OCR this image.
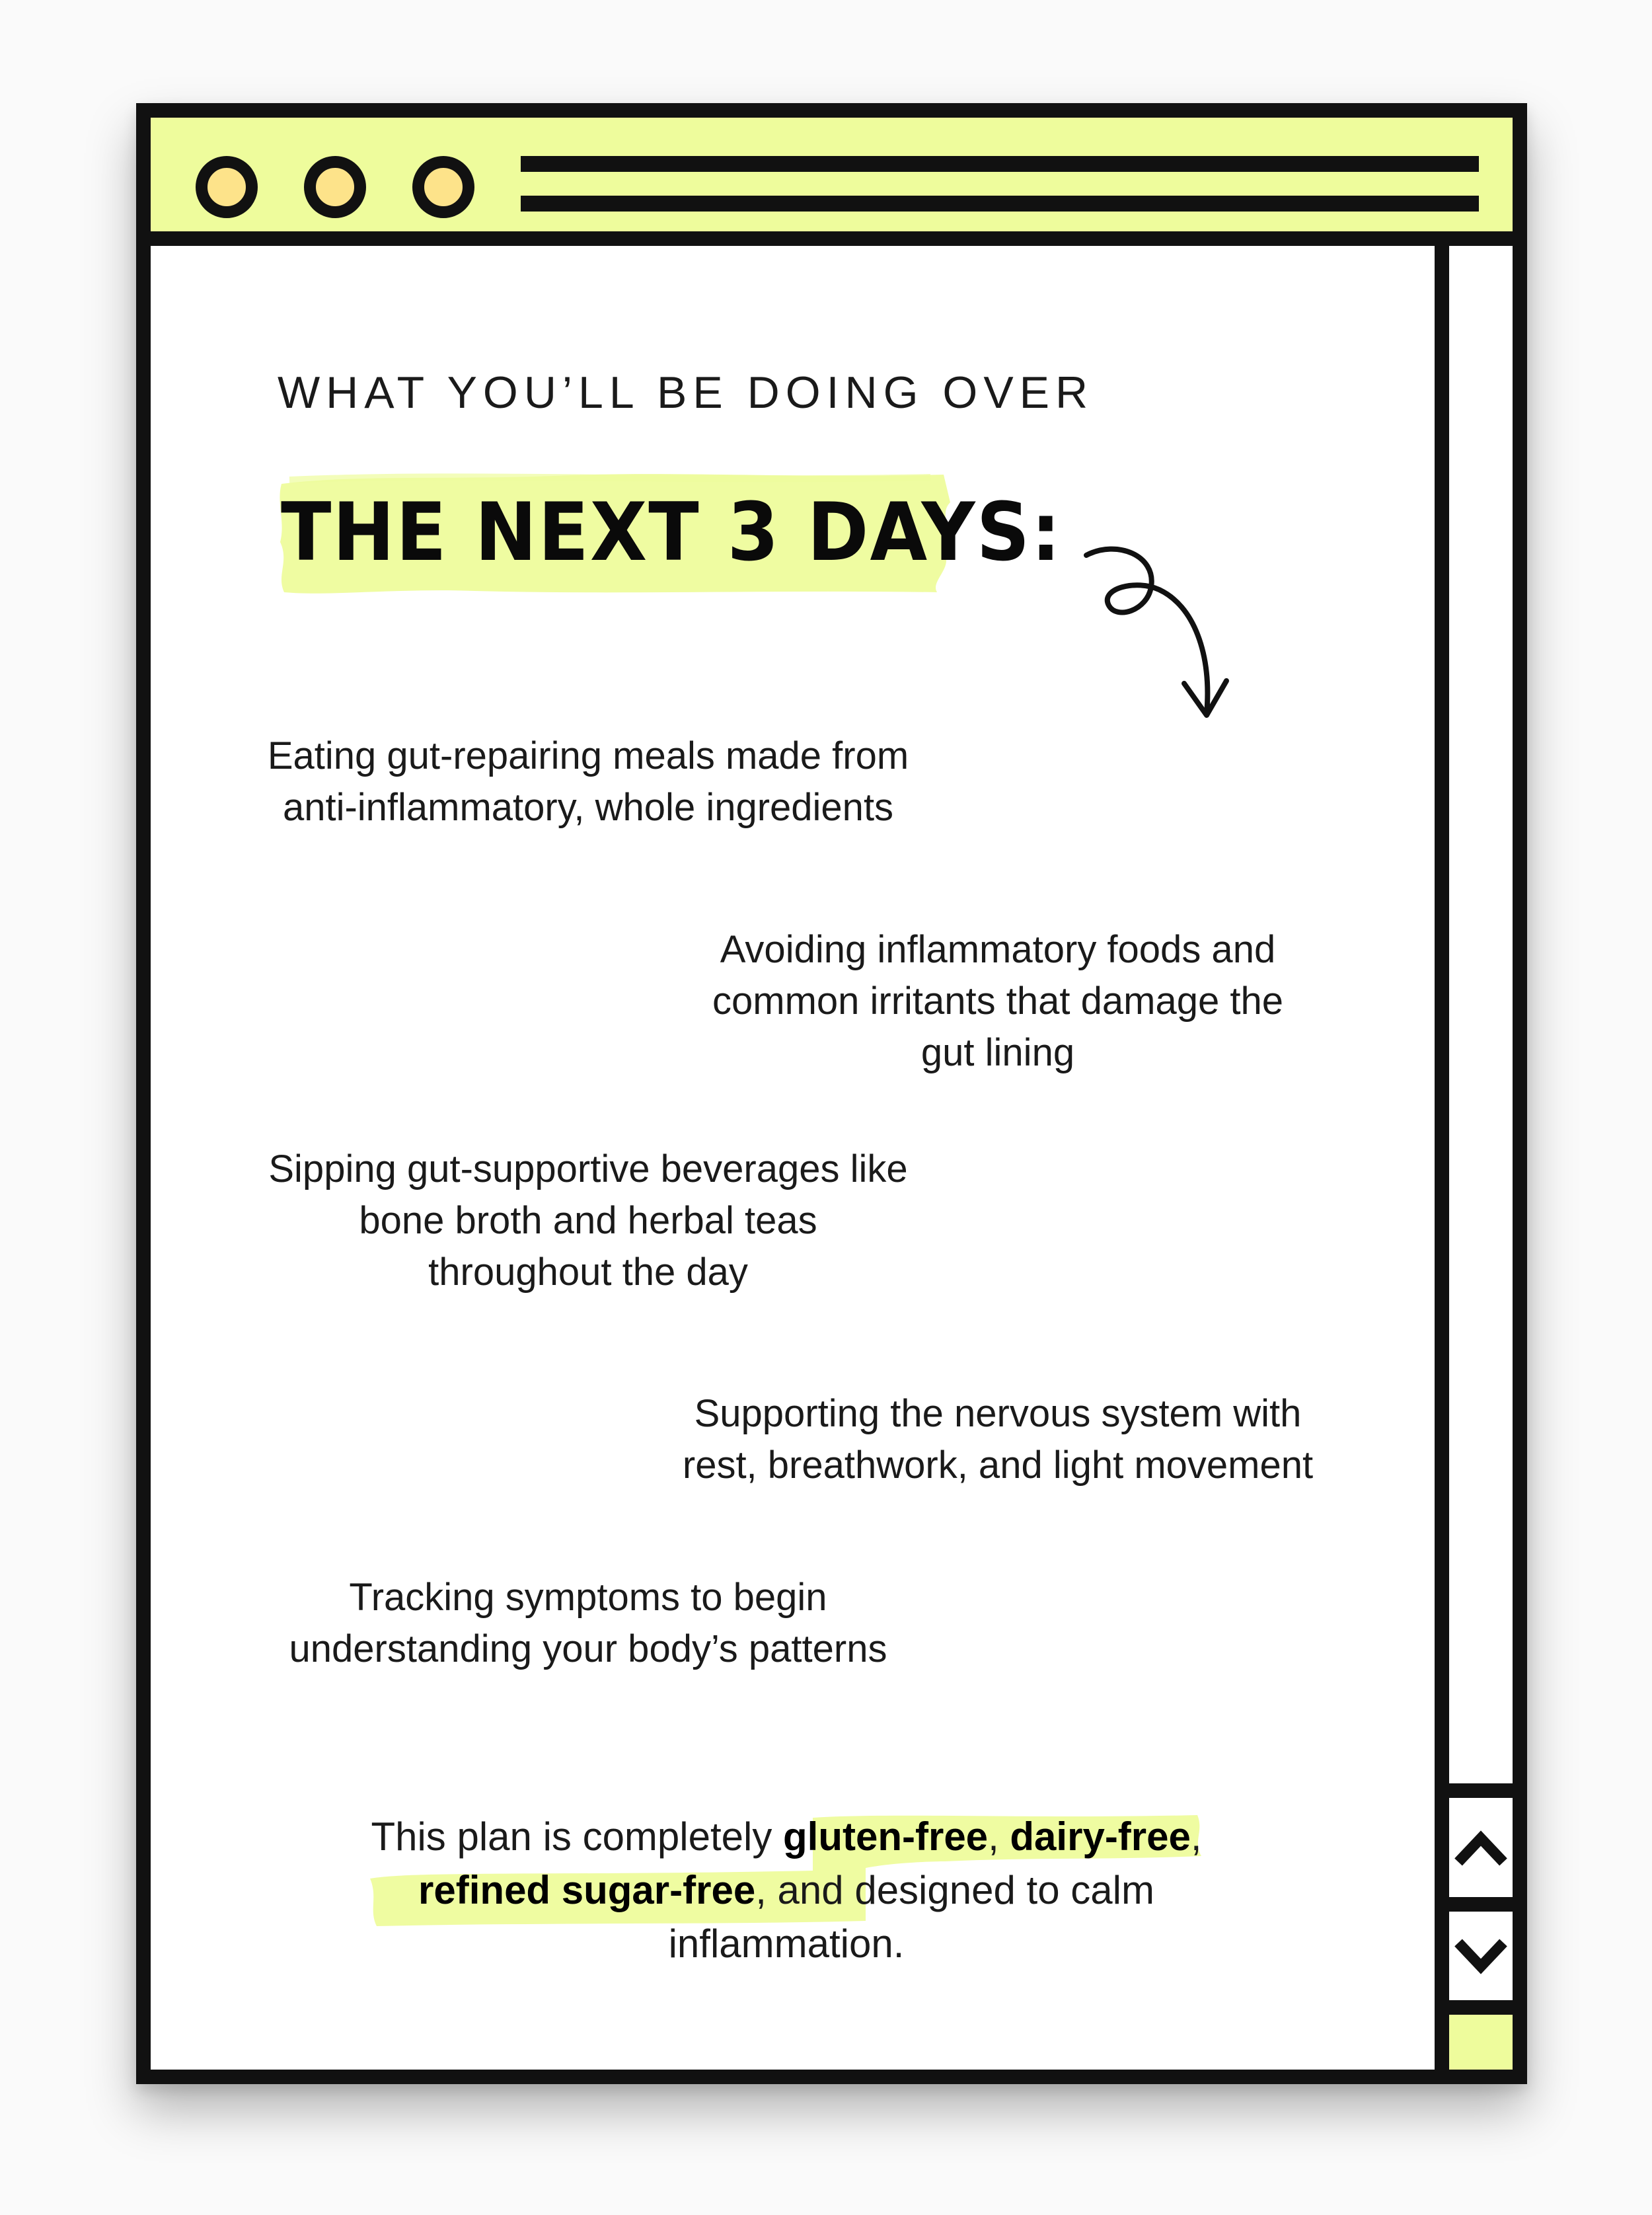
WHAT YOU’LL BE DOING OVER
THE NEXT 3 DAYS:
Eating gut-repairing meals made from anti-inflammatory, whole ingredients
Avoiding inflammatory foods and common irritants that damage the gut lining
Sipping gut-supportive beverages like bone broth and herbal teas throughout the day
Supporting the nervous system with rest, breathwork, and light movement
Tracking symptoms to begin understanding your body’s patterns
This plan is completely gluten-free, dairy-free, refined sugar-free, and designed to calm inflammation.
